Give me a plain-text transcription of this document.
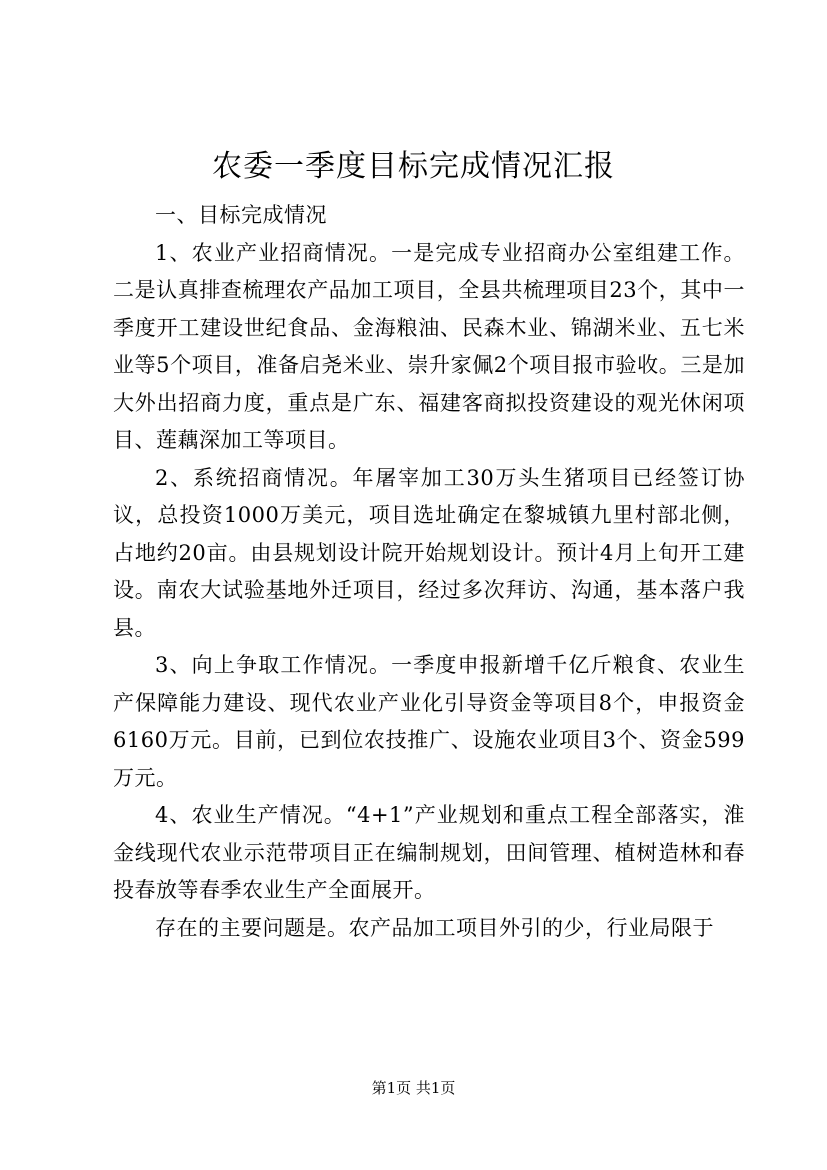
农委一季度目标完成情况汇报

一、目标完成情况

1、农业产业招商情况。一是完成专业招商办公室组建工作。二是认真排查梳理农产品加工项目，全县共梳理项目23个，其中一季度开工建设世纪食品、金海粮油、民森木业、锦湖米业、五七米业等5个项目，准备启尧米业、崇升家佩2个项目报市验收。三是加大外出招商力度，重点是广东、福建客商拟投资建设的观光休闲项目、莲藕深加工等项目。

2、系统招商情况。年屠宰加工30万头生猪项目已经签订协议，总投资1000万美元，项目选址确定在黎城镇九里村部北侧，占地约20亩。由县规划设计院开始规划设计。预计4月上旬开工建设。南农大试验基地外迁项目，经过多次拜访、沟通，基本落户我县。

3、向上争取工作情况。一季度申报新增千亿斤粮食、农业生产保障能力建设、现代农业产业化引导资金等项目8个，申报资金6160万元。目前，已到位农技推广、设施农业项目3个、资金599万元。

4、农业生产情况。“4+1”产业规划和重点工程全部落实，淮金线现代农业示范带项目正在编制规划，田间管理、植树造林和春投春放等春季农业生产全面展开。

存在的主要问题是。农产品加工项目外引的少，行业局限于

第1页 共1页
